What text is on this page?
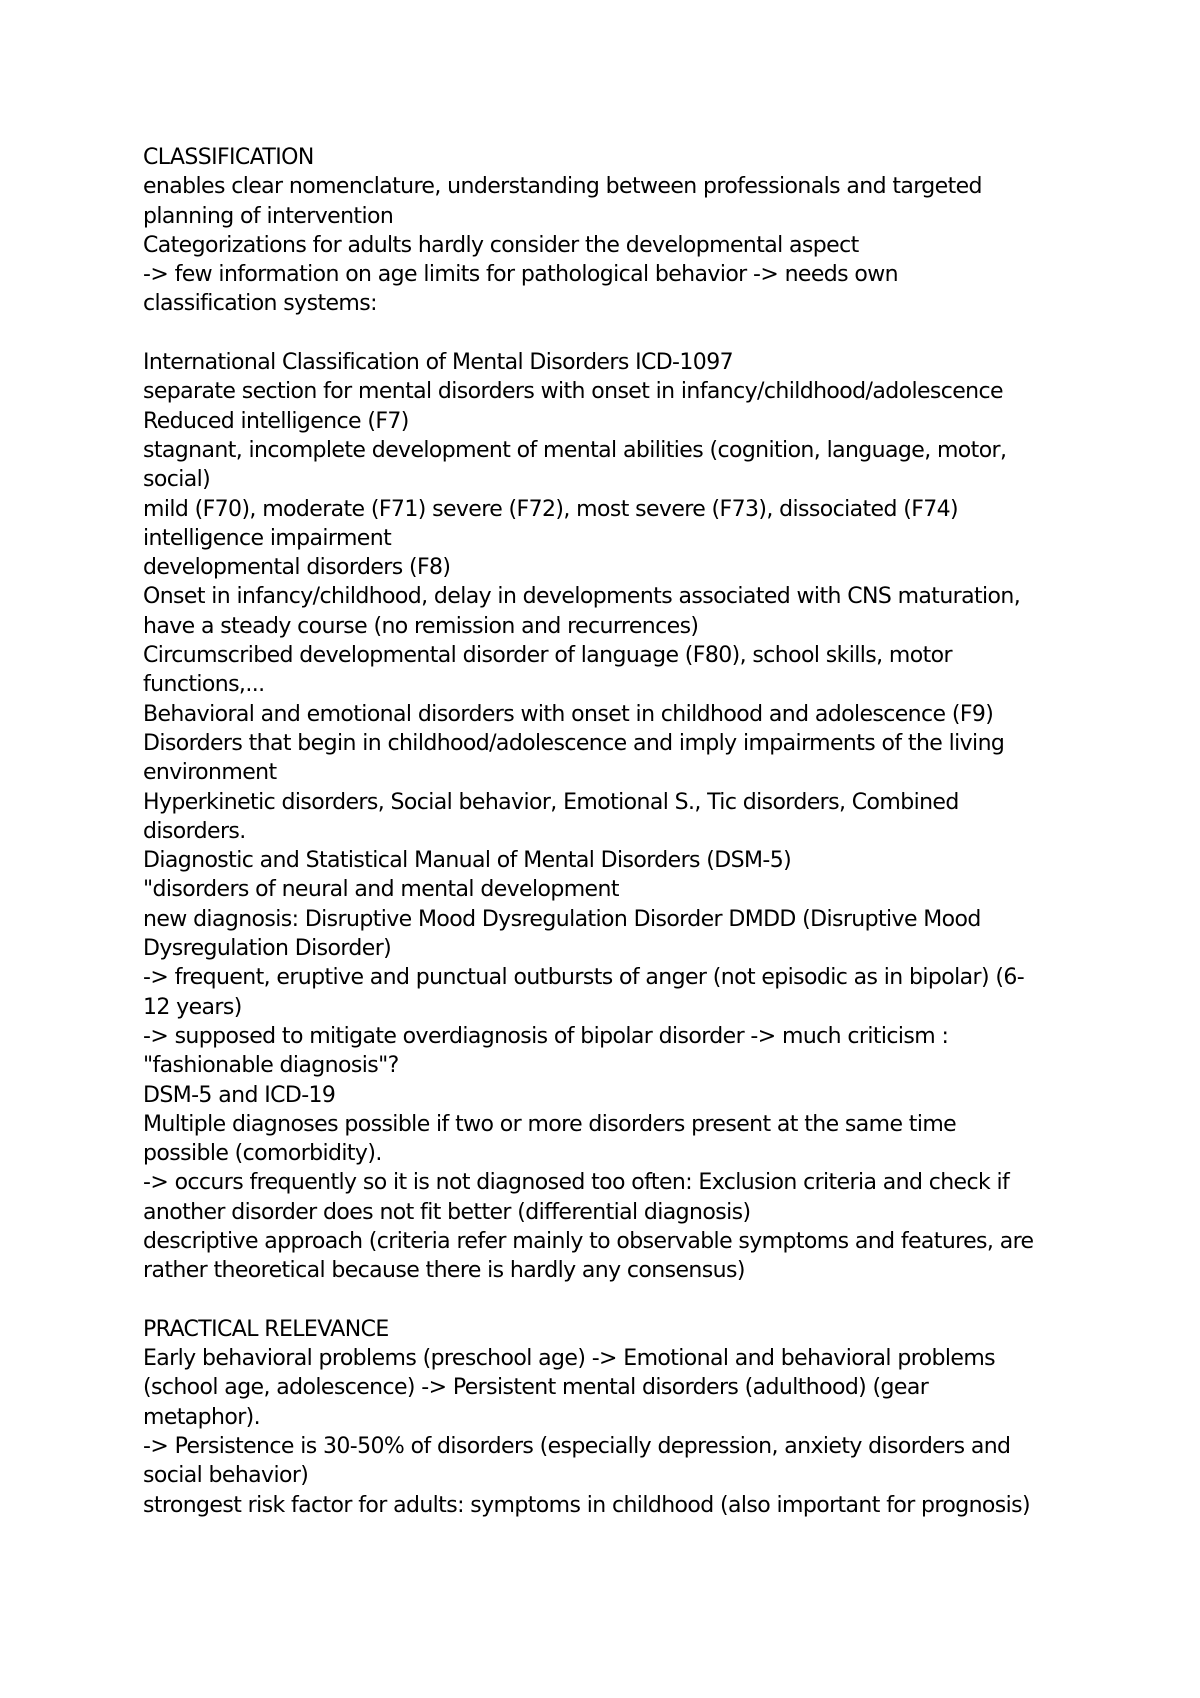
CLASSIFICATION

enables clear nomenclature, understanding between professionals and targeted

planning of intervention

Categorizations for adults hardly consider the developmental aspect

-> few information on age limits for pathological behavior -> needs own

classification systems:

International Classification of Mental Disorders ICD-1097

separate section for mental disorders with onset in infancy/childhood/adolescence

Reduced intelligence (F7)

stagnant, incomplete development of mental abilities (cognition, language, motor,

social)

mild (F70), moderate (F71) severe (F72), most severe (F73), dissociated (F74)

intelligence impairment

developmental disorders (F8)

Onset in infancy/childhood, delay in developments associated with CNS maturation,

have a steady course (no remission and recurrences)

Circumscribed developmental disorder of language (F80), school skills, motor

functions,...

Behavioral and emotional disorders with onset in childhood and adolescence (F9)

Disorders that begin in childhood/adolescence and imply impairments of the living

environment

Hyperkinetic disorders, Social behavior, Emotional S., Tic disorders, Combined

disorders.

Diagnostic and Statistical Manual of Mental Disorders (DSM-5)

"disorders of neural and mental development

new diagnosis: Disruptive Mood Dysregulation Disorder DMDD (Disruptive Mood

Dysregulation Disorder)

-> frequent, eruptive and punctual outbursts of anger (not episodic as in bipolar) (6-

12 years)

-> supposed to mitigate overdiagnosis of bipolar disorder -> much criticism :

"fashionable diagnosis"?

DSM-5 and ICD-19

Multiple diagnoses possible if two or more disorders present at the same time

possible (comorbidity).

-> occurs frequently so it is not diagnosed too often: Exclusion criteria and check if

another disorder does not fit better (differential diagnosis)

descriptive approach (criteria refer mainly to observable symptoms and features, are

rather theoretical because there is hardly any consensus)

PRACTICAL RELEVANCE

Early behavioral problems (preschool age) -> Emotional and behavioral problems

(school age, adolescence) -> Persistent mental disorders (adulthood) (gear

metaphor).

-> Persistence is 30-50% of disorders (especially depression, anxiety disorders and

social behavior)

strongest risk factor for adults: symptoms in childhood (also important for prognosis)
